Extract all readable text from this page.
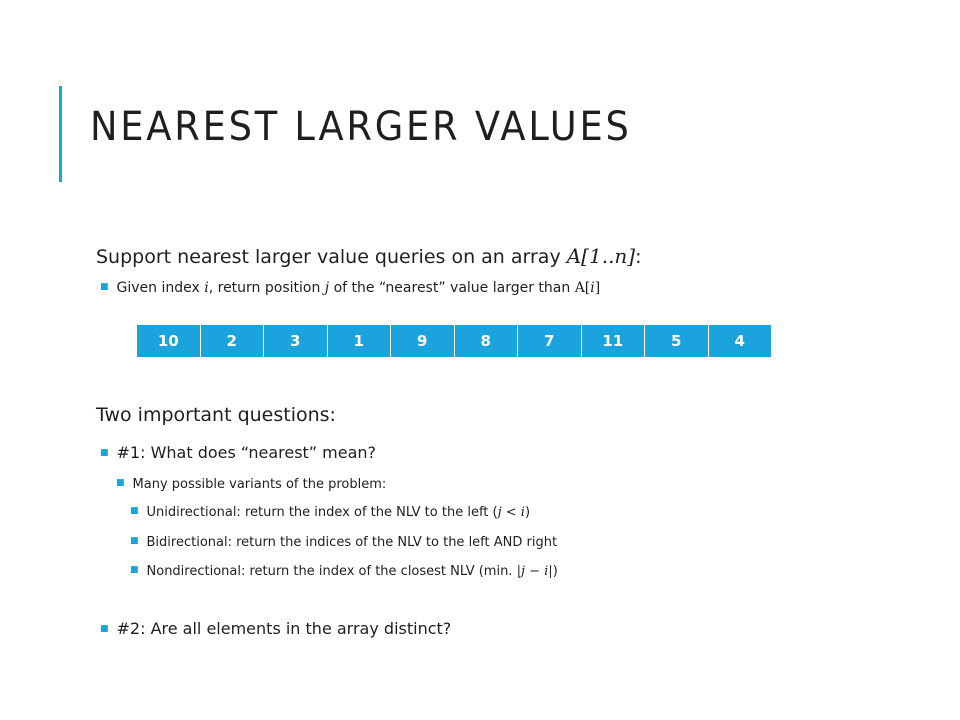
NEAREST LARGER VALUES
Support nearest larger value queries on an array A[1..n]:
■ Given index i, return position j of the “nearest” value larger than A[i]
10	2	3	1	9	8	7	11	5	4
Two important questions:
■ #1: What does “nearest” mean?
■ Many possible variants of the problem:
■ Unidirectional: return the index of the NLV to the left (j < i)
■ Bidirectional: return the indices of the NLV to the left AND right
■ Nondirectional: return the index of the closest NLV (min. |j − i|)
■ #2: Are all elements in the array distinct?
